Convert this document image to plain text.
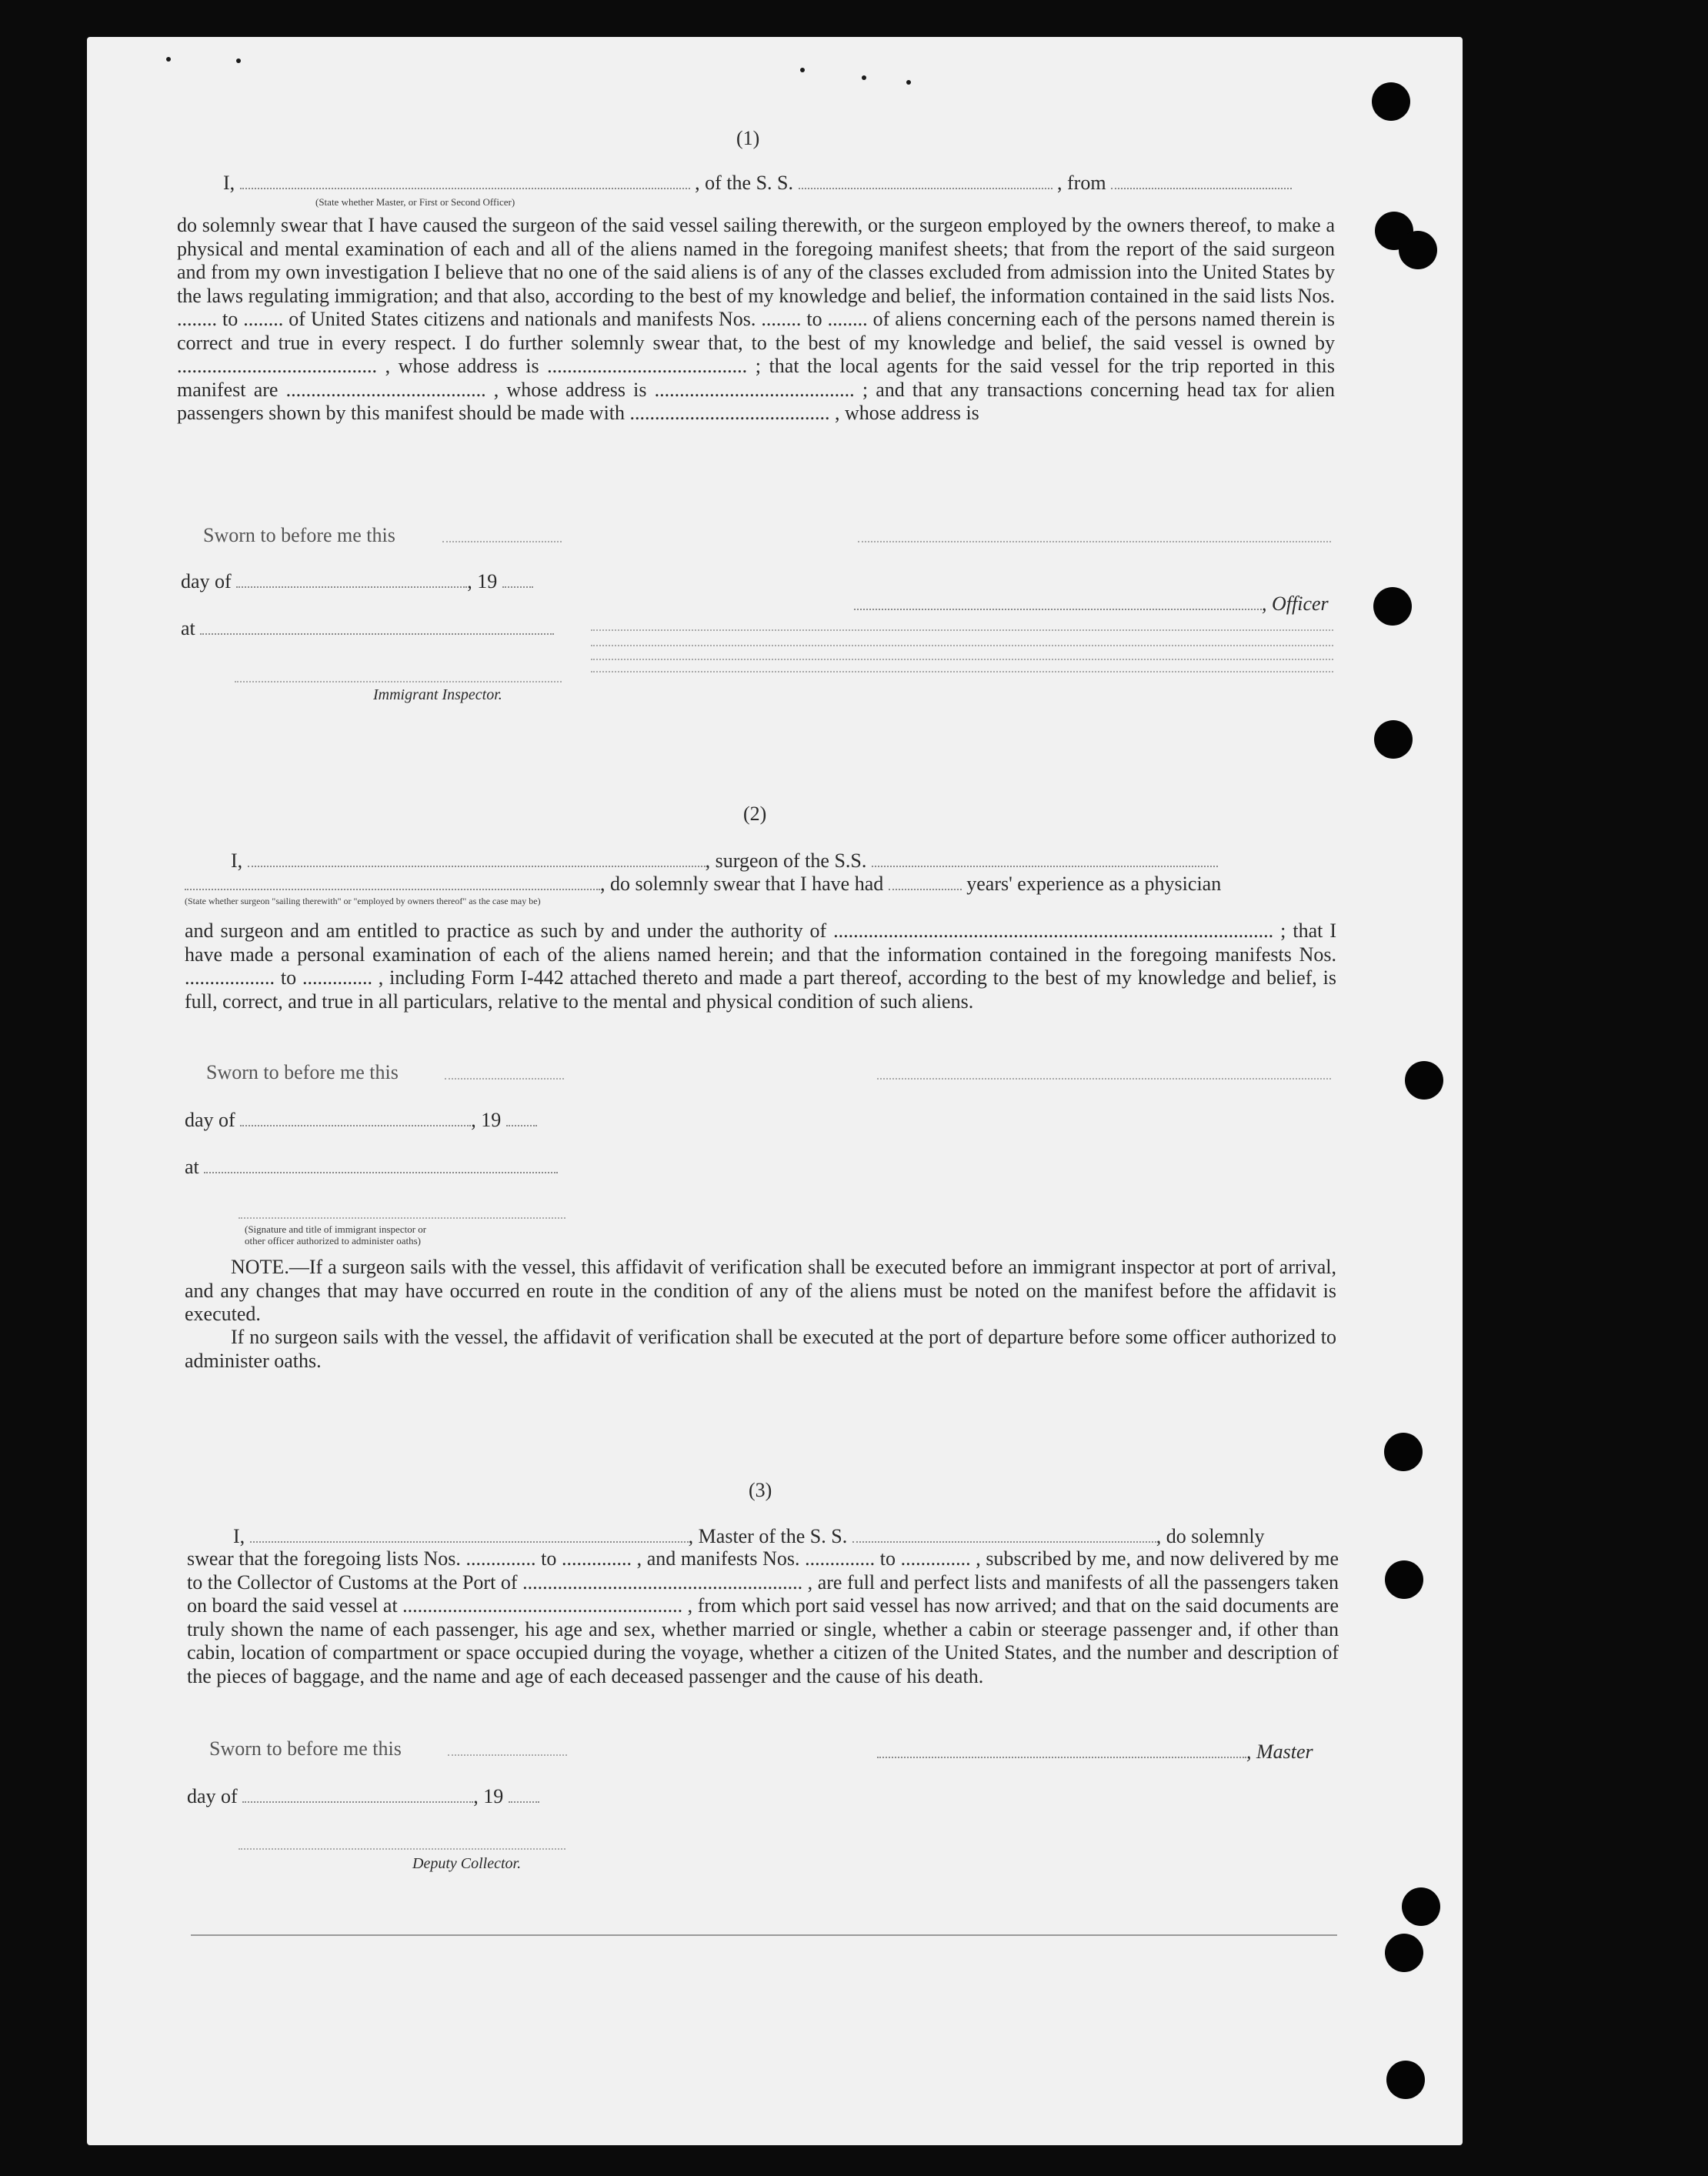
(1)
I,	, of the S. S.	, from
(State whether Master, or First or Second Officer)
do solemnly swear that I have caused the surgeon of the said vessel sailing therewith, or the surgeon employed by the owners thereof, to make a physical and mental examination of each and all of the aliens named in the foregoing manifest sheets; that from the report of the said surgeon and from my own investigation I believe that no one of the said aliens is of any of the classes excluded from admission into the United States by the laws regulating immigration; and that also, according to the best of my knowledge and belief, the information contained in the said lists Nos. ........ to ........ of United States citizens and nationals and manifests Nos. ........ to ........ of aliens concerning each of the persons named therein is correct and true in every respect. I do further solemnly swear that, to the best of my knowledge and belief, the said vessel is owned by ........................................ , whose address is ........................................ ; that the local agents for the said vessel for the trip reported in this manifest are ........................................ , whose address is ........................................ ; and that any transactions concerning head tax for alien passengers shown by this manifest should be made with ........................................ , whose address is
Sworn to before me this
day of	, 19
, Officer
at
Immigrant Inspector.
(2)
I,	, surgeon of the S.S.
, do solemnly swear that I have had	years' experience as a physician
(State whether surgeon "sailing therewith" or "employed by owners thereof" as the case may be)
and surgeon and am entitled to practice as such by and under the authority of ........................................................................................ ; that I have made a personal examination of each of the aliens named herein; and that the information contained in the foregoing manifests Nos. .................. to .............. , including Form I-442 attached thereto and made a part thereof, according to the best of my knowledge and belief, is full, correct, and true in all particulars, relative to the mental and physical condition of such aliens.
Sworn to before me this
day of	, 19
at
(Signature and title of immigrant inspector or
other officer authorized to administer oaths)
NOTE.—If a surgeon sails with the vessel, this affidavit of verification shall be executed before an immigrant inspector at port of arrival, and any changes that may have occurred en route in the condition of any of the aliens must be noted on the manifest before the affidavit is executed.
If no surgeon sails with the vessel, the affidavit of verification shall be executed at the port of departure before some officer authorized to administer oaths.
(3)
I,	, Master of the S. S.	, do solemnly
swear that the foregoing lists Nos. .............. to .............. , and manifests Nos. .............. to .............. , subscribed by me, and now delivered by me to the Collector of Customs at the Port of ........................................................ , are full and perfect lists and manifests of all the passengers taken on board the said vessel at ........................................................ , from which port said vessel has now arrived; and that on the said documents are truly shown the name of each passenger, his age and sex, whether married or single, whether a cabin or steerage passenger and, if other than cabin, location of compartment or space occupied during the voyage, whether a citizen of the United States, and the number and description of the pieces of baggage, and the name and age of each deceased passenger and the cause of his death.
Sworn to before me this	, Master
day of	, 19
Deputy Collector.
